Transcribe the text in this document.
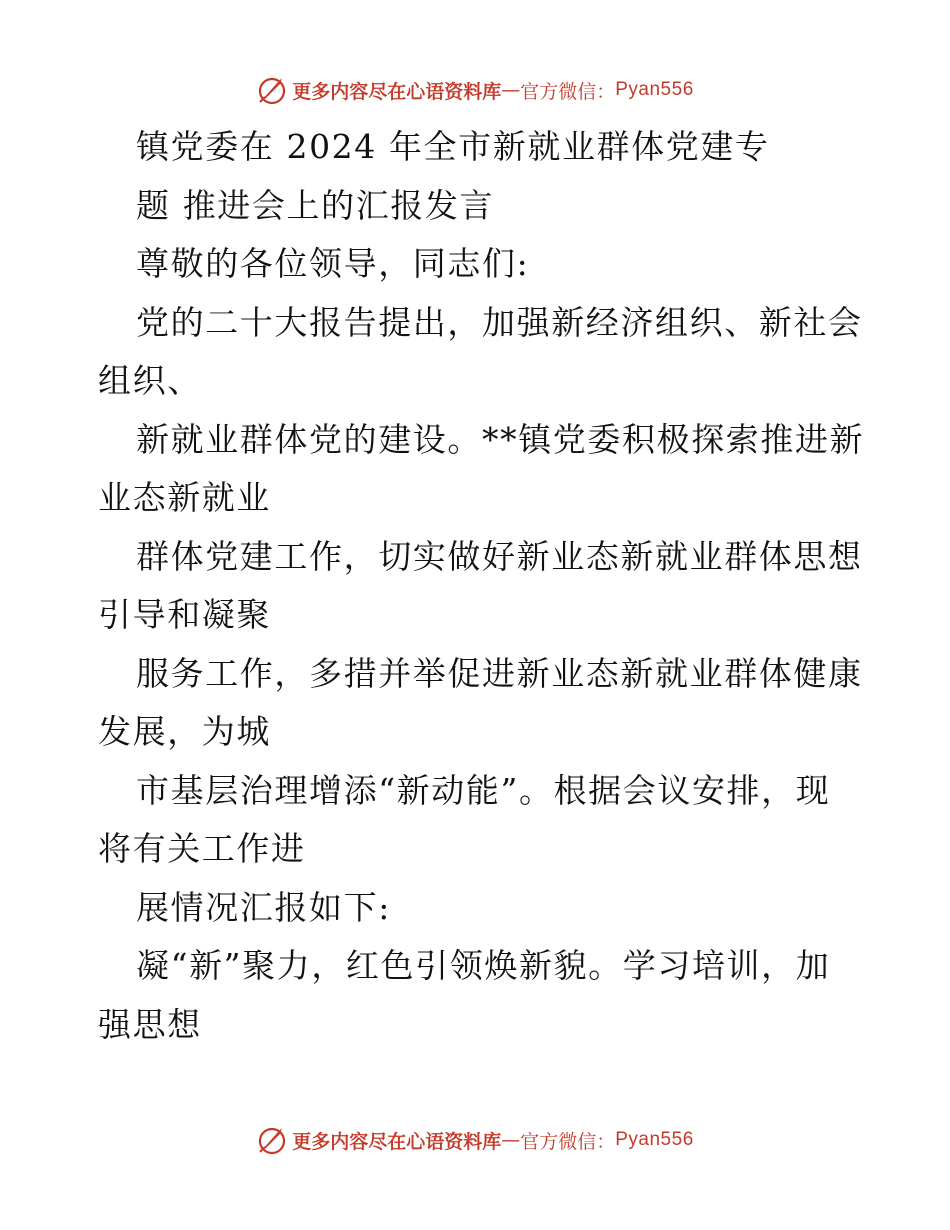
更多内容尽在心语资料库 — 官方微信： Pyan556

镇党委在 2024 年全市新就业群体党建专

题 推进会上的汇报发言

尊敬的各位领导，同志们:

党的二十大报告提出，加强新经济组织、新社会

组织、

新就业群体党的建设。**镇党委积极探索推进新

业态新就业

群体党建工作，切实做好新业态新就业群体思想

引导和凝聚

服务工作，多措并举促进新业态新就业群体健康

发展，为城

市基层治理增添“新动能”。根据会议安排，现

将有关工作进

展情况汇报如下:

凝“新”聚力，红色引领焕新貌。学习培训，加

强思想

更多内容尽在心语资料库 — 官方微信： Pyan556
